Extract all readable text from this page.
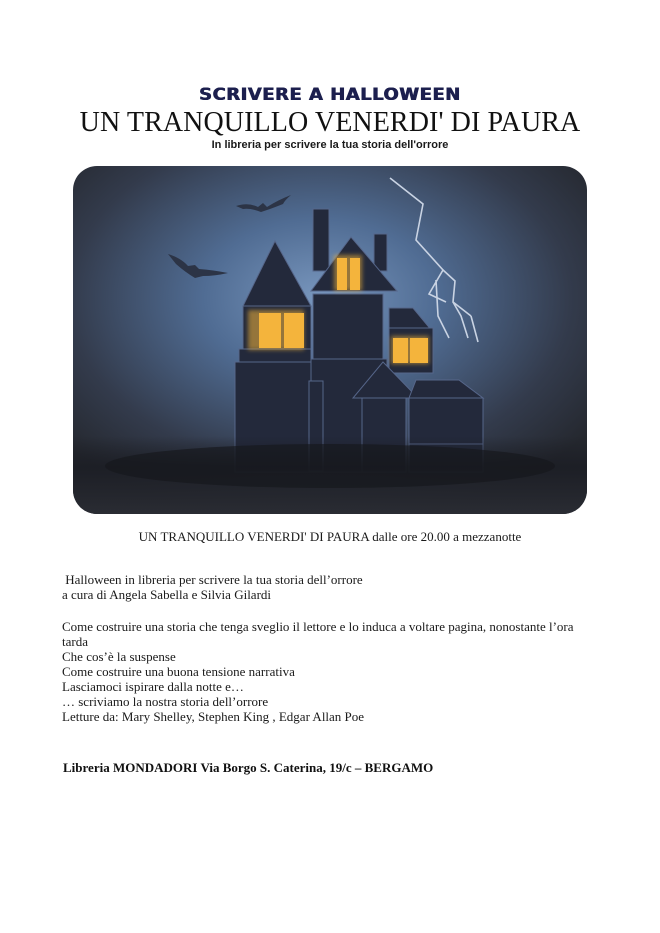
SCRIVERE A HALLOWEEN
UN TRANQUILLO VENERDI' DI PAURA
In libreria per scrivere la tua storia dell'orrore
UN TRANQUILLO VENERDI' DI PAURA dalle ore 20.00 a mezzanotte
Halloween in libreria per scrivere la tua storia dell’orrore
a cura di Angela Sabella e Silvia Gilardi
Come costruire una storia che tenga sveglio il lettore e lo induca a voltare pagina, nonostante l’ora tarda
Che cos’è la suspense
Come costruire una buona tensione narrativa
Lasciamoci ispirare dalla notte e…
… scriviamo la nostra storia dell’orrore
Letture da: Mary Shelley, Stephen King , Edgar Allan Poe
Libreria MONDADORI Via Borgo S. Caterina, 19/c – BERGAMO
